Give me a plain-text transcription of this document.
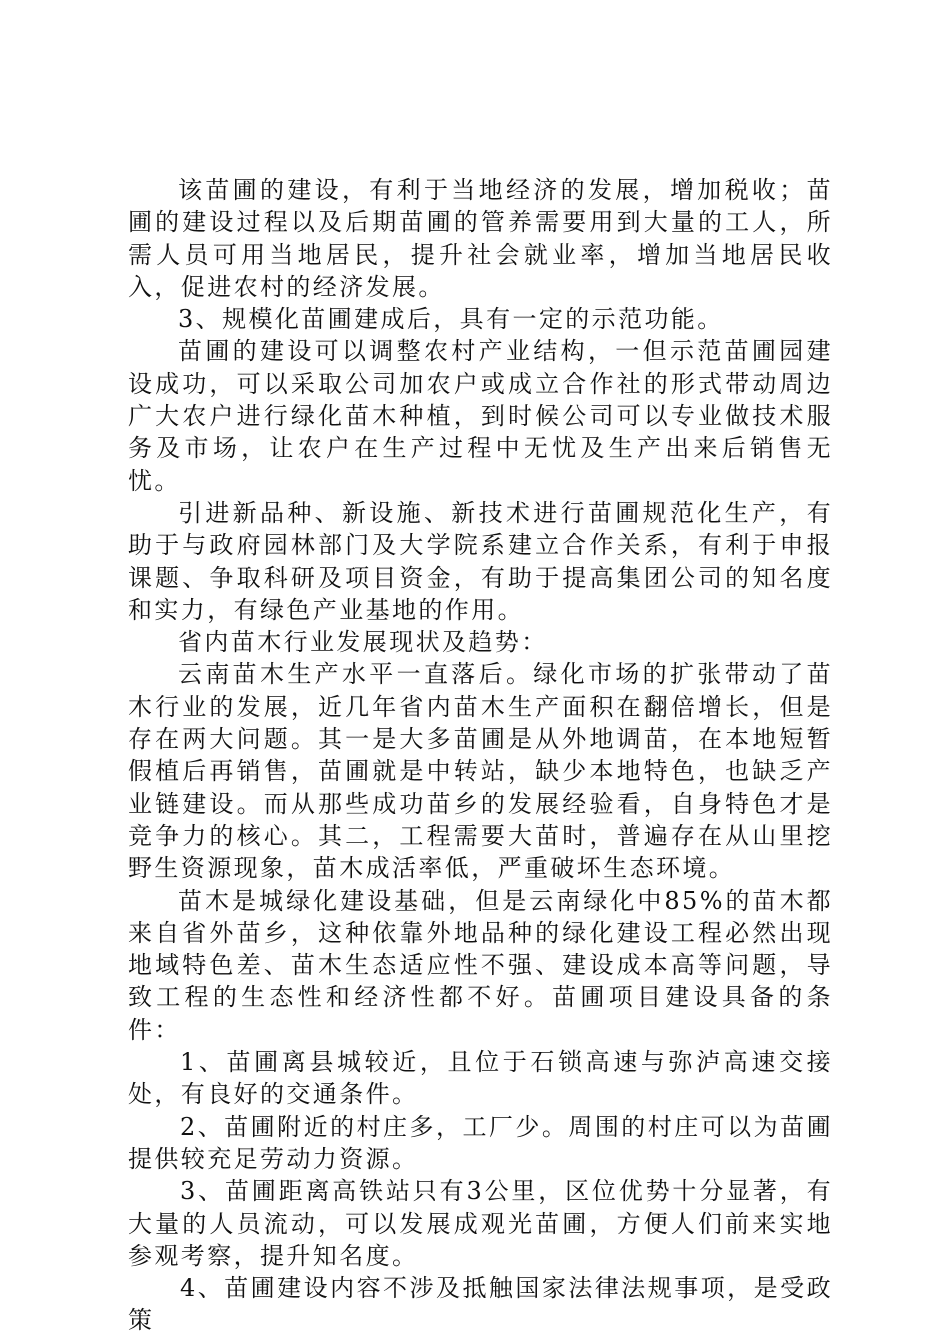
该苗圃的建设，有利于当地经济的发展，增加税收；苗圃的建设过程以及后期苗圃的管养需要用到大量的工人，所需人员可用当地居民，提升社会就业率，增加当地居民收入，促进农村的经济发展。

3、规模化苗圃建成后，具有一定的示范功能。

苗圃的建设可以调整农村产业结构，一但示范苗圃园建设成功，可以采取公司加农户或成立合作社的形式带动周边广大农户进行绿化苗木种植，到时候公司可以专业做技术服务及市场，让农户在生产过程中无忧及生产出来后销售无忧。

引进新品种、新设施、新技术进行苗圃规范化生产，有助于与政府园林部门及大学院系建立合作关系，有利于申报课题、争取科研及项目资金，有助于提高集团公司的知名度和实力，有绿色产业基地的作用。

省内苗木行业发展现状及趋势：

云南苗木生产水平一直落后。绿化市场的扩张带动了苗木行业的发展，近几年省内苗木生产面积在翻倍增长，但是存在两大问题。其一是大多苗圃是从外地调苗，在本地短暂假植后再销售，苗圃就是中转站，缺少本地特色，也缺乏产业链建设。而从那些成功苗乡的发展经验看，自身特色才是竞争力的核心。其二，工程需要大苗时，普遍存在从山里挖野生资源现象，苗木成活率低，严重破坏生态环境。

苗木是城绿化建设基础，但是云南绿化中85%的苗木都来自省外苗乡，这种依靠外地品种的绿化建设工程必然出现地域特色差、苗木生态适应性不强、建设成本高等问题，导致工程的生态性和经济性都不好。苗圃项目建设具备的条件：

1、苗圃离县城较近，且位于石锁高速与弥泸高速交接处，有良好的交通条件。

2、苗圃附近的村庄多，工厂少。周围的村庄可以为苗圃提供较充足劳动力资源。

3、苗圃距离高铁站只有3公里，区位优势十分显著，有大量的人员流动，可以发展成观光苗圃，方便人们前来实地参观考察，提升知名度。

4、苗圃建设内容不涉及抵触国家法律法规事项，是受政策
